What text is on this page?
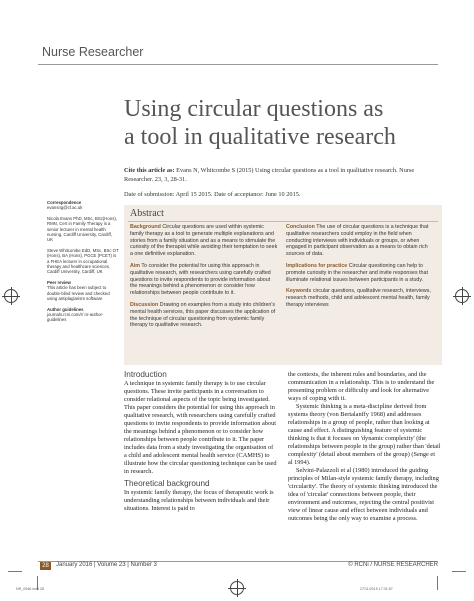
Nurse Researcher
Using circular questions as
a tool in qualitative research
Cite this article as: Evans N, Whitcombe S (2015) Using circular questions as a tool in qualitative research. Nurse Researcher. 23, 3, 28-31.
Date of submission: April 15 2015. Date of acceptance: June 10 2015.
Correspondence
evansng@cf.ac.uk
Nicola Evans PhD, MSc, BSc(Hons), RMN, Cert in Family Therapy is a senior lecturer in mental health nursing, Cardiff University, Cardiff, UK
Steve Whitcombe EdD, MSc, BSc OT (Hons), BA (Hons), PGCE (PCET) is a FHEA lecturer in occupational therapy and healthcare sciences, Cardiff University, Cardiff, UK
Peer review
This article has been subject to double-blind review and checked using antiplagiarism software
Author guidelines
journals.rcni.com/r/ nr-author-guidelines
Abstract

Background Circular questions are used within systemic family therapy as a tool to generate multiple explanations and stories from a family situation and as a means to stimulate the curiosity of the therapist while avoiding their temptation to seek a one definitive explanation.

Aim To consider the potential for using this approach in qualitative research, with researchers using carefully crafted questions to invite respondents to provide information about the meanings behind a phenomenon or consider how relationships between people contribute to it.

Discussion Drawing on examples from a study into children's mental health services, this paper discusses the application of the technique of circular questioning from systemic family therapy to qualitative research.

Conclusion The use of circular questions is a technique that qualitative researchers could employ in the field when conducting interviews with individuals or groups, or when engaged in participant observation as a means to obtain rich sources of data.

Implications for practice Circular questioning can help to promote curiosity in the researcher and invite responses that illuminate relational issues between participants in a study.

Keywords circular questions, qualitative research, interviews, research methods, child and adolescent mental health, family therapy interviews

Introduction

A technique in systemic family therapy is to use circular questions. These invite participants in a conversation to consider relational aspects of the topic being investigated. This paper considers the potential for using this approach in qualitative research, with researchers using carefully crafted questions to invite respondents to provide information about the meanings behind a phenomenon or to consider how relationships between people contribute to it. The paper includes data from a study investigating the organisation of a child and adolescent mental health service (CAMHS) to illustrate how the circular questioning technique can be used in research.

Theoretical background

In systemic family therapy, the focus of therapeutic work is understanding relationships between individuals and their situations. Interest is paid to

the contexts, the inherent rules and boundaries, and the communication in a relationship. This is to understand the presenting problem or difficulty and look for alternative ways of coping with it.

Systemic thinking is a meta-discipline derived from systems theory (von Bertalanffy 1968) and addresses relationships in a group of people, rather than looking at cause and effect. A distinguishing feature of systemic thinking is that it focuses on 'dynamic complexity' (the relationships between people in the group) rather than 'detail complexity' (detail about members of the group) (Senge et al 1994).

Selvini-Palazzoli et al (1980) introduced the guiding principles of Milan-style systemic family therapy, including 'circularity'. The theory of systemic thinking introduced the idea of 'circular' connections between people, their environment and outcomes, rejecting the central positivist view of linear cause and effect between individuals and outcomes being the only way to examine a process.

28	January 2016 | Volume 23 | Number 3	© RCNi / NURSE RESEARCHER
NR_0946.indd 28	27/11/2015 17:31:57
